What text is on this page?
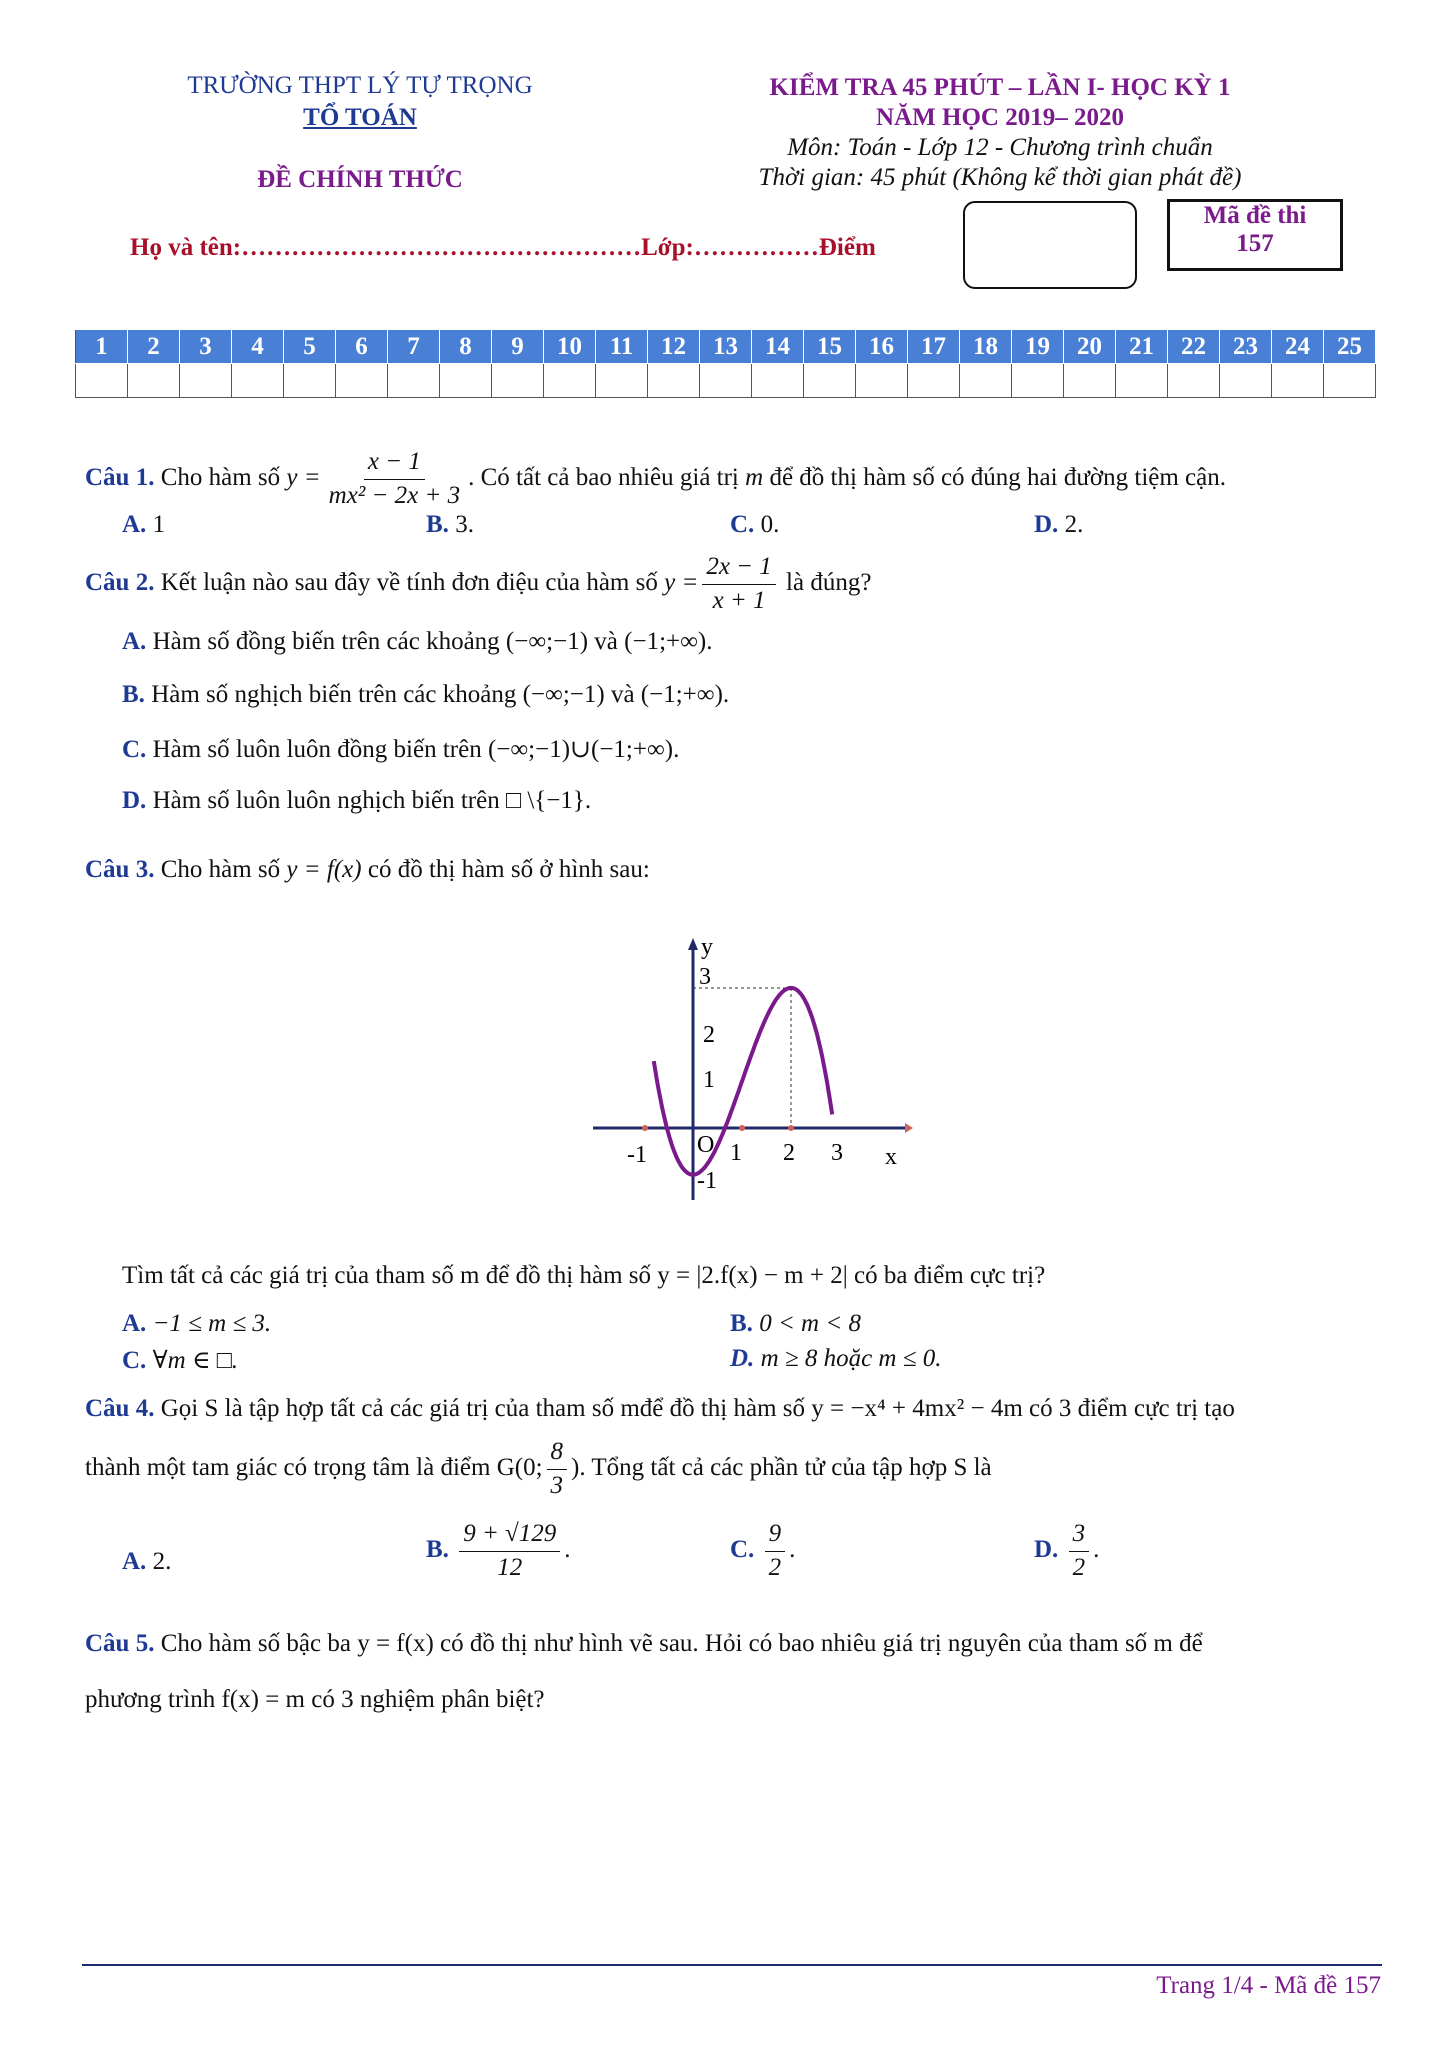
TRƯỜNG THPT LÝ TỰ TRỌNG
TỔ TOÁN
ĐỀ CHÍNH THỨC
KIỂM TRA 45 PHÚT – LẦN I- HỌC KỲ 1
NĂM HỌC 2019– 2020
Môn: Toán - Lớp 12 - Chương trình chuẩn
Thời gian: 45 phút (Không kể thời gian phát đề)
Họ và tên:…………………………………………Lớp:……………Điểm
Mã đề thi
157
1	2	3	4	5	6	7	8	9	10	11	12	13	14	15	16	17	18	19	20	21	22	23	24	25

Câu 1. Cho hàm số $y = \frac{x - 1}{\text{mx² − 2x + 3}}$ . Có tất cả bao nhiêu giá trị m để đồ thị hàm số có đúng hai đường tiệm cận.
A. 1	B. 3.	C. 0.	D. 2.
Câu 2. Kết luận nào sau đây về tính đơn điệu của hàm số $y = \frac{2x - 1}{x + 1}$ là đúng?
A. Hàm số đồng biến trên các khoảng (−∞;−1) và (−1;+∞).
B. Hàm số nghịch biến trên các khoảng (−∞;−1) và (−1;+∞).
C. Hàm số luôn luôn đồng biến trên (−∞;−1)∪(−1;+∞).
D. Hàm số luôn luôn nghịch biến trên □ \{−1}.
Câu 3. Cho hàm số y = f(x) có đồ thị hàm số ở hình sau:
y
x
O
-1	1 2 3
3
2
1
-1
Tìm tất cả các giá trị của tham số m để đồ thị hàm số y = |2.f(x) − m + 2| có ba điểm cực trị?
A. −1 ≤ m ≤ 3.	B. 0 < m < 8
C. ∀m ∈ □.	D. m ≥ 8 hoặc m ≤ 0.
Câu 4. Gọi S là tập hợp tất cả các giá trị của tham số mđể đồ thị hàm số y = −x⁴ + 4mx² − 4m có 3 điểm cực trị tạo
thành một tam giác có trọng tâm là điểm G(0; $\frac{8}{3}$ ). Tổng tất cả các phần tử của tập hợp S là
A. 2.	B. $\frac{9 + √129}{12}$ .	C. $\frac{9}{2}$ .	D. $\frac{3}{2}$ .
Câu 5. Cho hàm số bậc ba y = f(x) có đồ thị như hình vẽ sau. Hỏi có bao nhiêu giá trị nguyên của tham số m để
phương trình f(x) = m có 3 nghiệm phân biệt?
Trang 1/4 - Mã đề 157
